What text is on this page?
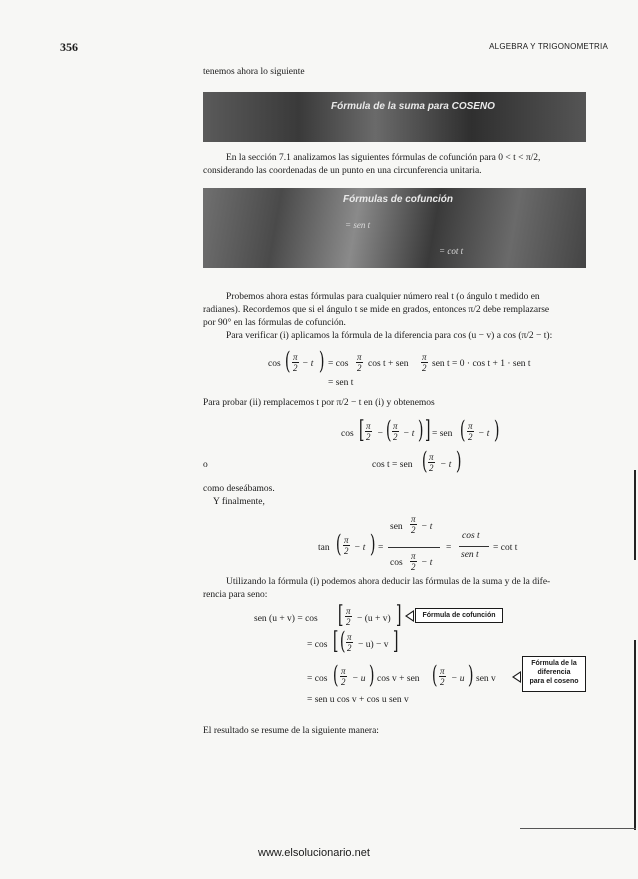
356	ALGEBRA Y TRIGONOMETRIA
tenemos ahora lo siguiente
Fórmula de la suma para COSENO
En la sección 7.1 analizamos las siguientes fórmulas de cofunción para 0 < t < π/2,
considerando las coordenadas de un punto en una circunferencia unitaria.
Fórmulas de cofunción
= sen t
= cot t
Probemos ahora estas fórmulas para cualquier número real t (o ángulo t medido en
radianes). Recordemos que si el ángulo t se mide en grados, entonces π/2 debe remplazarse
por 90° en las fórmulas de cofunción.
Para verificar (i) aplicamos la fórmula de la diferencia para cos (u − v) a cos (π/2 − t):
cos ( $\frac{\pi}{2} - t$ ) = $\cos \frac{\pi}{2}$ cos t + sen $\frac{\pi}{2}$ sen t = 0 · cos t + 1 · sen t
= sen t
Para probar (ii) remplacemos t por π/2 − t en (i) y obtenemos
cos [ $\frac{\pi}{2}$ − ( $\frac{\pi}{2} - t$ ) ] = sen ( $\frac{\pi}{2} - t$ )
o	cos t = sen ( $\frac{\pi}{2} - t$ )
como deseábamos.
Y finalmente,
tan ( $\frac{\pi}{2} - t$ ) =
sen $\frac{\pi}{2} - t$
$\cos \frac{\pi}{2} - t$
=
cos t
sen t
= cot t
Utilizando la fórmula (i) podemos ahora deducir las fórmulas de la suma y de la dife-
rencia para seno:
sen (u + v) = cos [ $\frac{\pi}{2} - (u + v)$ ]	Fórmula de cofunción
= cos [ ( $\frac{\pi}{2} - u) - v$ ]
= cos ( $\frac{\pi}{2} - u$ ) cos v + sen ( $\frac{\pi}{2} - u$ ) sen v
Fórmula de la
diferencia
para el coseno
= sen u cos v + cos u sen v
El resultado se resume de la siguiente manera:
www.elsolucionario.net
